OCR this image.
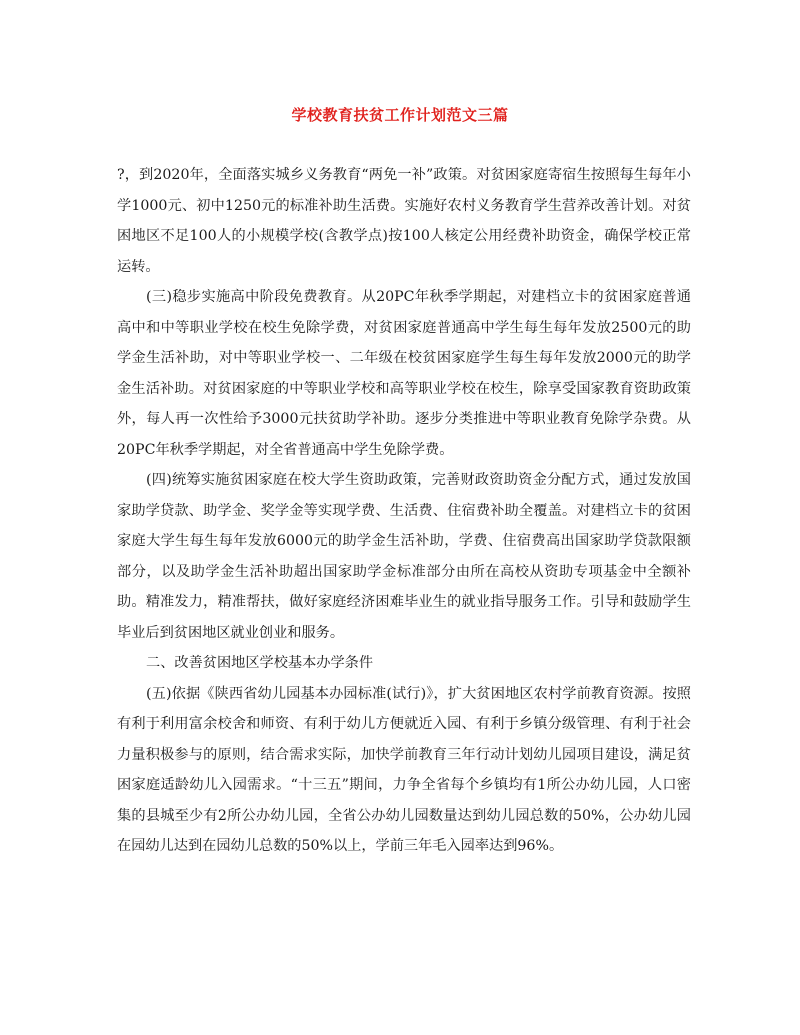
学校教育扶贫工作计划范文三篇

?，到2020年，全面落实城乡义务教育“两免一补”政策。对贫困家庭寄宿生按照每生每年小学1000元、初中1250元的标准补助生活费。实施好农村义务教育学生营养改善计划。对贫困地区不足100人的小规模学校(含教学点)按100人核定公用经费补助资金，确保学校正常运转。

(三)稳步实施高中阶段免费教育。从20PC年秋季学期起，对建档立卡的贫困家庭普通高中和中等职业学校在校生免除学费，对贫困家庭普通高中学生每生每年发放2500元的助学金生活补助，对中等职业学校一、二年级在校贫困家庭学生每生每年发放2000元的助学金生活补助。对贫困家庭的中等职业学校和高等职业学校在校生，除享受国家教育资助政策外，每人再一次性给予3000元扶贫助学补助。逐步分类推进中等职业教育免除学杂费。从20PC年秋季学期起，对全省普通高中学生免除学费。

(四)统筹实施贫困家庭在校大学生资助政策，完善财政资助资金分配方式，通过发放国家助学贷款、助学金、奖学金等实现学费、生活费、住宿费补助全覆盖。对建档立卡的贫困家庭大学生每生每年发放6000元的助学金生活补助，学费、住宿费高出国家助学贷款限额部分，以及助学金生活补助超出国家助学金标准部分由所在高校从资助专项基金中全额补助。精准发力，精准帮扶，做好家庭经济困难毕业生的就业指导服务工作。引导和鼓励学生毕业后到贫困地区就业创业和服务。

二、改善贫困地区学校基本办学条件

(五)依据《陕西省幼儿园基本办园标准(试行)》，扩大贫困地区农村学前教育资源。按照有利于利用富余校舍和师资、有利于幼儿方便就近入园、有利于乡镇分级管理、有利于社会力量积极参与的原则，结合需求实际，加快学前教育三年行动计划幼儿园项目建设，满足贫困家庭适龄幼儿入园需求。“十三五”期间，力争全省每个乡镇均有1所公办幼儿园，人口密集的县城至少有2所公办幼儿园，全省公办幼儿园数量达到幼儿园总数的50%，公办幼儿园在园幼儿达到在园幼儿总数的50%以上，学前三年毛入园率达到96%。
